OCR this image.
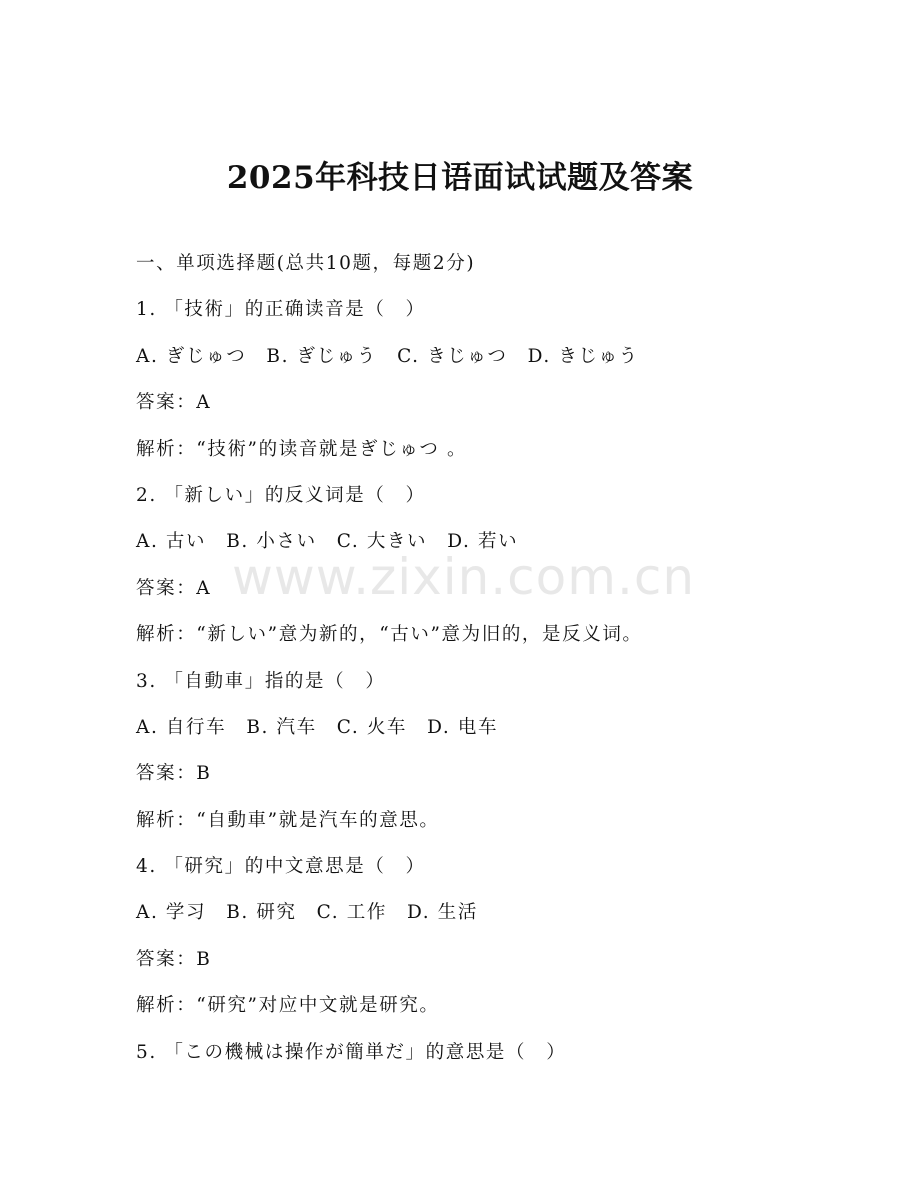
2025年科技日语面试试题及答案
一、单项选择题(总共10题，每题2分)
1. 「技術」的正确读音是（　）
A. ぎじゅつ　B. ぎじゅう　C. きじゅつ　D. きじゅう
答案：A
解析：“技術”的读音就是ぎじゅつ 。
2. 「新しい」的反义词是（　）
A. 古い　B. 小さい　C. 大きい　D. 若い
答案：A
解析：“新しい”意为新的，“古い”意为旧的，是反义词。
3. 「自動車」指的是（　）
A. 自行车　B. 汽车　C. 火车　D. 电车
答案：B
解析：“自動車”就是汽车的意思。
4. 「研究」的中文意思是（　）
A. 学习　B. 研究　C. 工作　D. 生活
答案：B
解析：“研究”对应中文就是研究。
5. 「この機械は操作が簡単だ」的意思是（　）
www.zixin.com.cn
